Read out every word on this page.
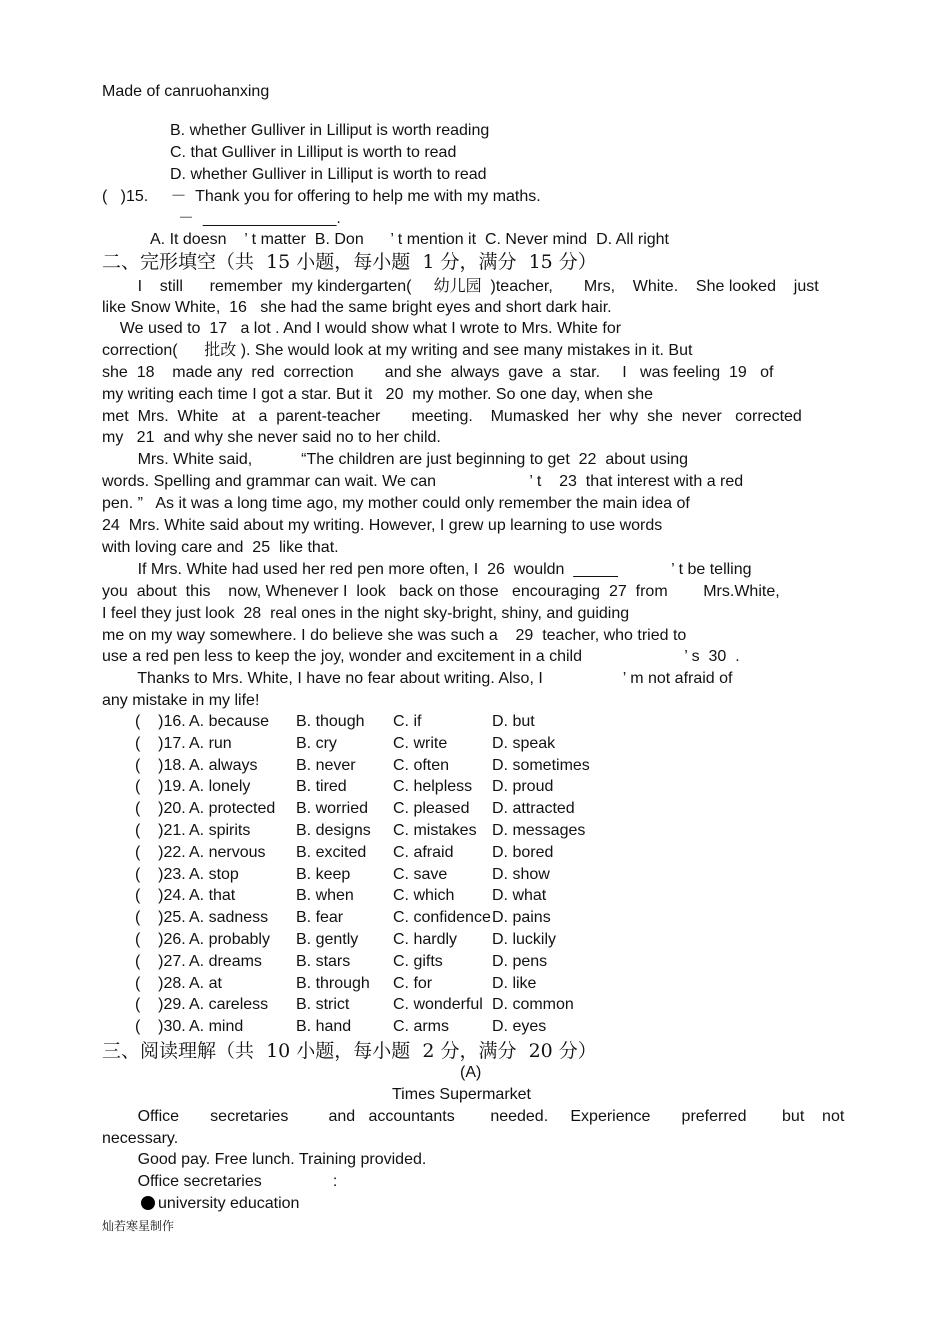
Made of canruohanxing
B. whether Gulliver in Lilliput is worth reading
C. that Gulliver in Lilliput is worth to read
D. whether Gulliver in Lilliput is worth to read
(   )15.     －  Thank you for offering to help me with my maths.
－  _______________.
A. It doesn    ’ t matter  B. Don      ’ t mention it  C. Never mind  D. All right
二、完形填空（共  15 小题，每小题  1 分，满分  15 分）
I    still      remember  my kindergarten(     幼儿园  )teacher,       Mrs,    White.    She looked    just
like Snow White,  16   she had the same bright eyes and short dark hair.
We used to  17   a lot . And I would show what I wrote to Mrs. White for
correction(      批改 ). She would look at my writing and see many mistakes in it. But
she  18    made any  red  correction       and she  always  gave  a  star.     I   was feeling  19   of
my writing each time I got a star. But it   20  my mother. So one day, when she
met  Mrs.  White   at   a  parent-teacher       meeting.    Mumasked  her  why  she  never   corrected
my   21  and why she never said no to her child.
Mrs. White said,           “The children are just beginning to get  22  about using
words. Spelling and grammar can wait. We can                     ’ t    23  that interest with a red
pen. ”   As it was a long time ago, my mother could only remember the main idea of
24  Mrs. White said about my writing. However, I grew up learning to use words
with loving care and  25  like that.
If Mrs. White had used her red pen more often, I  26  wouldn  _____            ’ t be telling
you  about  this    now, Whenever I  look   back on those   encouraging  27  from        Mrs.White,
I feel they just look  28  real ones in the night sky-bright, shiny, and guiding
me on my way somewhere. I do believe she was such a    29  teacher, who tried to
use a red pen less to keep the joy, wonder and excitement in a child                       ’ s  30  .
Thanks to Mrs. White, I have no fear about writing. Also, I                  ’ m not afraid of
any mistake in my life!
(    )16. A. because B. though C. if	D. but
(    )17. A. run	B. cry	C. write	D. speak
(    )18. A. always B. never C. often	D. sometimes
(    )19. A. lonely	B. tired	C. helpless D. proud
(    )20. A. protected B. worried C. pleased D. attracted
(    )21. A. spirits	B. designs C. mistakes D. messages
(    )22. A. nervous B. excited C. afraid D. bored
(    )23. A. stop	B. keep	C. save	D. show
(    )24. A. that	B. when C. which D. what
(    )25. A. sadness B. fear	C. confidence D. pains
(    )26. A. probably B. gently C. hardly D. luckily
(    )27. A. dreams B. stars	C. gifts	D. pens
(    )28. A. at	B. through C. for	D. like
(    )29. A. careless B. strict	C. wonderful D. common
(    )30. A. mind	B. hand	C. arms	D. eyes
三、阅读理解（共  10 小题，每小题  2 分，满分  20 分）
(A)
Times Supermarket
Office       secretaries         and   accountants        needed.     Experience       preferred        but    not
necessary.
Good pay. Free lunch. Training provided.
Office secretaries                :
university education
灿若寒星制作
